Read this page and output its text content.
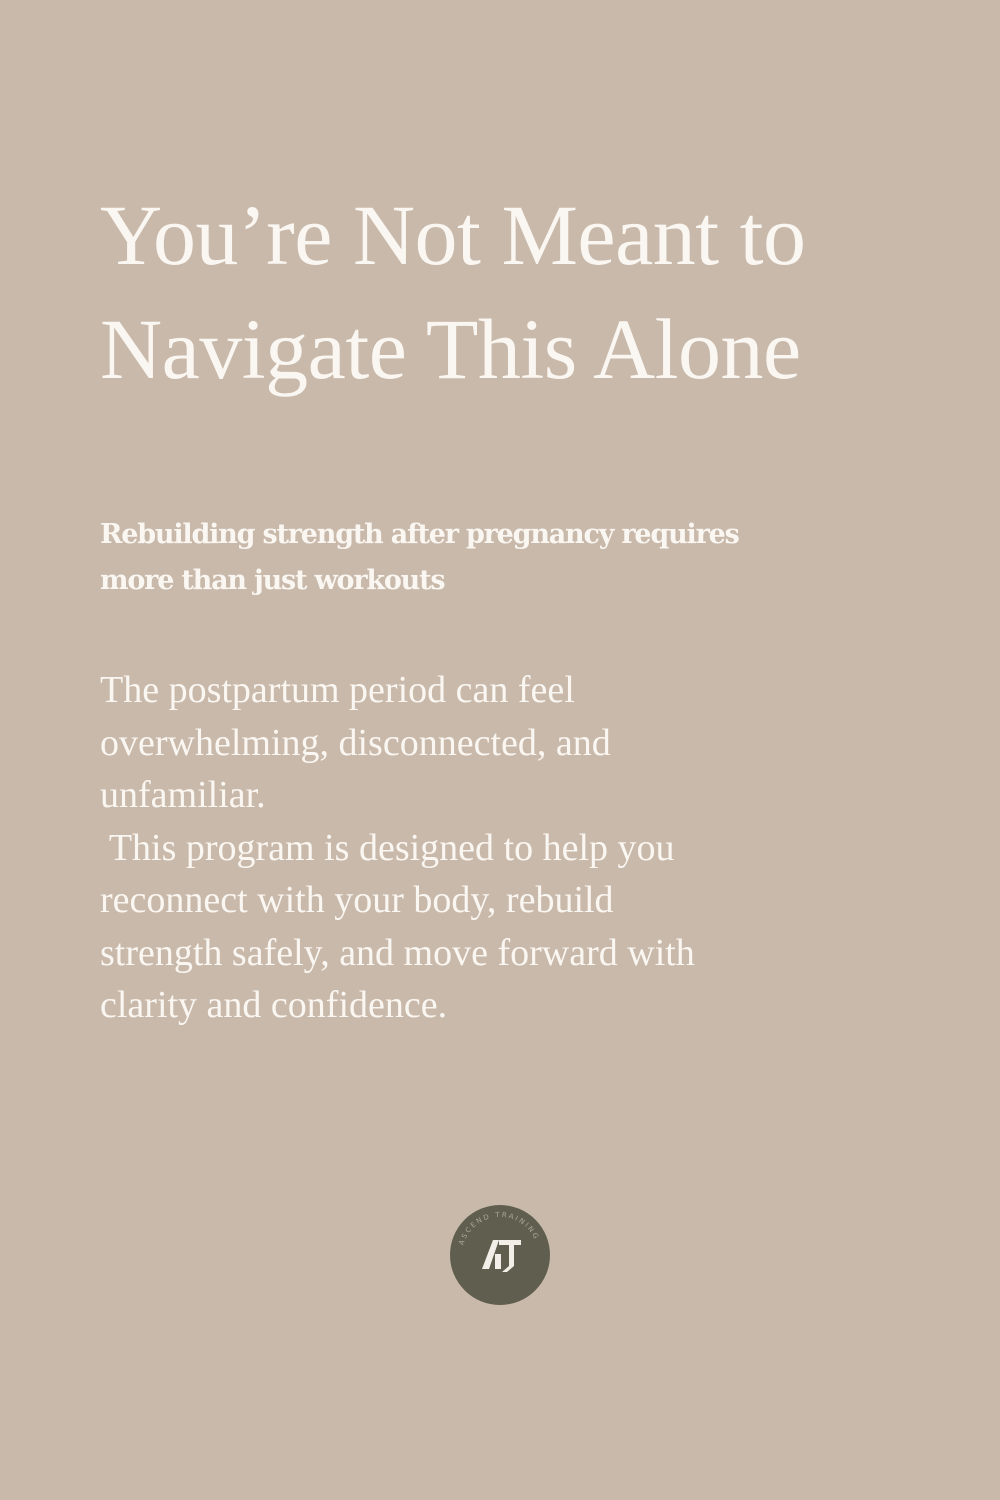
You’re Not Meant to
Navigate This Alone

Rebuilding strength after pregnancy requires
more than just workouts

The postpartum period can feel
overwhelming, disconnected, and
unfamiliar.
This program is designed to help you
reconnect with your body, rebuild
strength safely, and move forward with
clarity and confidence.

ASCEND TRAINING
